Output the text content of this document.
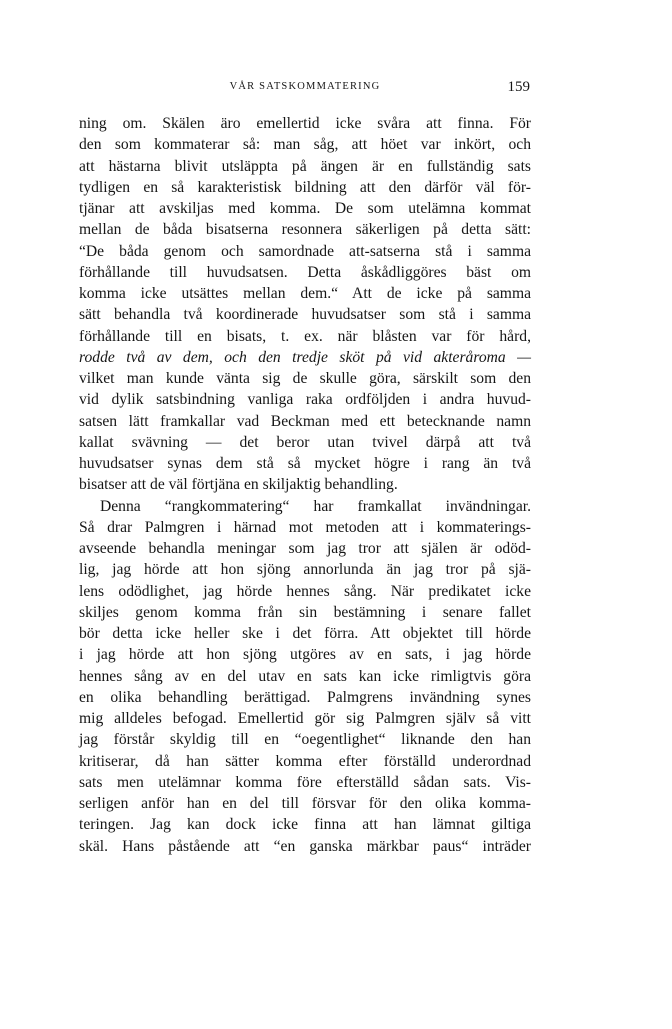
VÅR SATSKOMMATERING	159
ning om. Skälen äro emellertid icke svåra att finna. För
den som kommaterar så: man såg, att höet var inkört, och
att hästarna blivit utsläppta på ängen är en fullständig sats
tydligen en så karakteristisk bildning att den därför väl för-
tjänar att avskiljas med komma. De som utelämna kommat
mellan de båda bisatserna resonnera säkerligen på detta sätt:
“De båda genom och samordnade att-satserna stå i samma
förhållande till huvudsatsen. Detta åskådliggöres bäst om
komma icke utsättes mellan dem.“ Att de icke på samma
sätt behandla två koordinerade huvudsatser som stå i samma
förhållande till en bisats, t. ex. när blåsten var för hård,
rodde två av dem, och den tredje sköt på vid akteråroma —
vilket man kunde vänta sig de skulle göra, särskilt som den
vid dylik satsbindning vanliga raka ordföljden i andra huvud-
satsen lätt framkallar vad Beckman med ett betecknande namn
kallat svävning — det beror utan tvivel därpå att två
huvudsatser synas dem stå så mycket högre i rang än två
bisatser att de väl förtjäna en skiljaktig behandling.
Denna “rangkommatering“ har framkallat invändningar.
Så drar Palmgren i härnad mot metoden att i kommaterings-
avseende behandla meningar som jag tror att själen är odöd-
lig, jag hörde att hon sjöng annorlunda än jag tror på sjä-
lens odödlighet, jag hörde hennes sång. När predikatet icke
skiljes genom komma från sin bestämning i senare fallet
bör detta icke heller ske i det förra. Att objektet till hörde
i jag hörde att hon sjöng utgöres av en sats, i jag hörde
hennes sång av en del utav en sats kan icke rimligtvis göra
en olika behandling berättigad. Palmgrens invändning synes
mig alldeles befogad. Emellertid gör sig Palmgren själv så vitt
jag förstår skyldig till en “oegentlighet“ liknande den han
kritiserar, då han sätter komma efter förställd underordnad
sats men utelämnar komma före efterställd sådan sats. Vis-
serligen anför han en del till försvar för den olika komma-
teringen. Jag kan dock icke finna att han lämnat giltiga
skäl. Hans påstående att “en ganska märkbar paus“ inträder
